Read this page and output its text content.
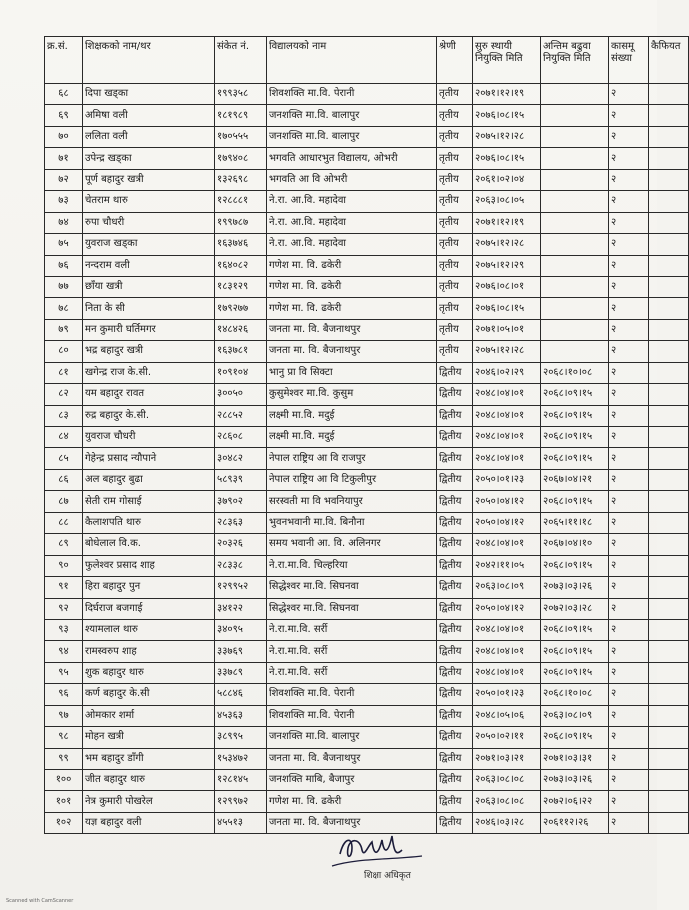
क्र.सं.	शिक्षकको नाम/थर	संकेत नं.	विद्यालयको नाम	श्रेणी	सुरु स्थायी नियुक्ति मिति	अन्तिम बढुवा नियुक्ति मिति	कासमू संख्या	कैफियत
६८	दिपा खड्का	१९९३५८	शिवशक्ति मा.वि. पेरानी	तृतीय	२०७१।१२।१९		२	
६९	अमिषा वली	१८१९८९	जनशक्ति मा.वि. बालापुर	तृतीय	२०७६।०८।१५		२	
७०	ललिता वली	१७०५५५	जनशक्ति मा.वि. बालापुर	तृतीय	२०७५।१२।२८		२	
७१	उपेन्द्र खड्का	१७९४०८	भगवति आधारभुत विद्यालय, ओभरी	तृतीय	२०७६।०८।१५		२	
७२	पूर्ण बहादुर खत्री	१३२६९८	भगवति आ वि ओभरी	तृतीय	२०६१।०२।०४		२	
७३	चेतराम थारु	१२८८८१	ने.रा. आ.वि. महादेवा	तृतीय	२०६३।०८।०५		२	
७४	रुपा चौधरी	१९९७८७	ने.रा. आ.वि. महादेवा	तृतीय	२०७१।१२।१९		२	
७५	युवराज खड्का	१६३७४६	ने.रा. आ.वि. महादेवा	तृतीय	२०७५।१२।२८		२	
७६	नन्दराम वली	१६४०८२	गणेश मा. वि. ढकेरी	तृतीय	२०७५।१२।२९		२	
७७	छाँया खत्री	१८३१२९	गणेश मा. वि. ढकेरी	तृतीय	२०७६।०८।०१		२	
७८	निता के सी	१७९२७७	गणेश मा. वि. ढकेरी	तृतीय	२०७६।०८।१५		२	
७९	मन कुमारी घर्तिमगर	१४८४२६	जनता मा. वि. बैजनाथपुर	तृतीय	२०७१।०५।०१		२	
८०	भद्र बहादुर खत्री	१६३७८१	जनता मा. वि. बैजनाथपुर	तृतीय	२०७५।१२।२८		२	
८१	खगेन्द्र राज के.सी.	१०९१०४	भानु प्रा वि सिक्टा	द्वितीय	२०४६।०२।२९	२०६८।१०।०८	२	
८२	यम बहादुर रावत	३००५०	कुसुमेश्वर मा.वि. कुसुम	द्वितीय	२०४८।०४।०१	२०६८।०९।१५	२	
८३	रुद्र बहादुर के.सी.	२८८५२	लक्ष्मी मा.वि. मदुई	द्वितीय	२०४८।०४।०१	२०६८।०९।१५	२	
८४	युवराज चौधरी	२८६०८	लक्ष्मी मा.वि. मदुई	द्वितीय	२०४८।०४।०१	२०६८।०९।१५	२	
८५	गेहेन्द्र प्रसाद न्यौपाने	३०४८२	नेपाल राष्ट्रिय आ वि राजपुर	द्वितीय	२०४८।०४।०१	२०६८।०९।१५	२	
८६	अल बहादुर बुढा	५८९३९	नेपाल राष्ट्रिय आ वि टिकुलीपुर	द्वितीय	२०५०।०१।२३	२०६७।०४।२१	२	
८७	सेती राम गोसाई	३७९०२	सरस्वती मा वि भवनियापुर	द्वितीय	२०५०।०४।१२	२०६८।०९।१५	२	
८८	कैलाशपति थारु	२८३६३	भुवनभवानी मा.वि. बिनौना	द्वितीय	२०५०।०४।१२	२०६५।११।१८	२	
८९	बोधेलाल वि.क.	२०३२६	समय भवानी आ. वि. अलिनगर	द्वितीय	२०४८।०४।०१	२०६७।०४।१०	२	
९०	फुलेश्वर प्रसाद शाह	२८३३८	ने.रा.मा.वि. चिल्हरिया	द्वितीय	२०४२।११।०५	२०६८।०९।१५	२	
९१	हिरा बहादुर पुन	१२९९५२	सिद्धेश्वर मा.वि. सिघनवा	द्वितीय	२०६३।०८।०९	२०७३।०३।२६	२	
९२	दिर्घराज बजगाई	३४१२२	सिद्धेश्वर मा.वि. सिघनवा	द्वितीय	२०५०।०४।१२	२०७२।०३।२८	२	
९३	श्यामलाल थारु	३४०९५	ने.रा.मा.वि. सर्री	द्वितीय	२०४८।०४।०१	२०६८।०९।१५	२	
९४	रामस्वरुप शाह	३३७६९	ने.रा.मा.वि. सर्री	द्वितीय	२०४८।०४।०१	२०६८।०९।१५	२	
९५	शुक बहादुर थारु	३३७८९	ने.रा.मा.वि. सर्री	द्वितीय	२०४८।०४।०१	२०६८।०९।१५	२	
९६	कर्ण बहादुर के.सी	५८८४६	शिवशक्ति मा.वि. पेरानी	द्वितीय	२०५०।०१।२३	२०६८।१०।०८	२	
९७	ओमकार शर्मा	४५३६३	शिवशक्ति मा.वि. पेरानी	द्वितीय	२०४८।०५।०६	२०६३।०८।०९	२	
९८	मोहन खत्री	३८९९५	जनशक्ति मा.वि. बालापुर	द्वितीय	२०५०।०२।११	२०६८।०९।१५	२	
९९	भम बहादुर डाँगी	१५३४७२	जनता मा. वि. बैजनाथपुर	द्वितीय	२०७१।०३।२१	२०७१।०३।३१	२	
१००	जीत बहादुर थारु	१२८१४५	जनशक्ति माबि, बैजापुर	द्वितीय	२०६३।०८।०८	२०७३।०३।२६	२	
१०१	नेत्र कुमारी पोखरेल	१२९९७२	गणेश मा. वि. ढकेरी	द्वितीय	२०६३।०८।०८	२०७२।०६।२२	२	
१०२	यज्ञ बहादुर वली	४५५१३	जनता मा. वि. बैजनाथपुर	द्वितीय	२०४६।०३।२८	२०६११२।२६	२	
शिक्षा अधिकृत
Scanned with CamScanner
